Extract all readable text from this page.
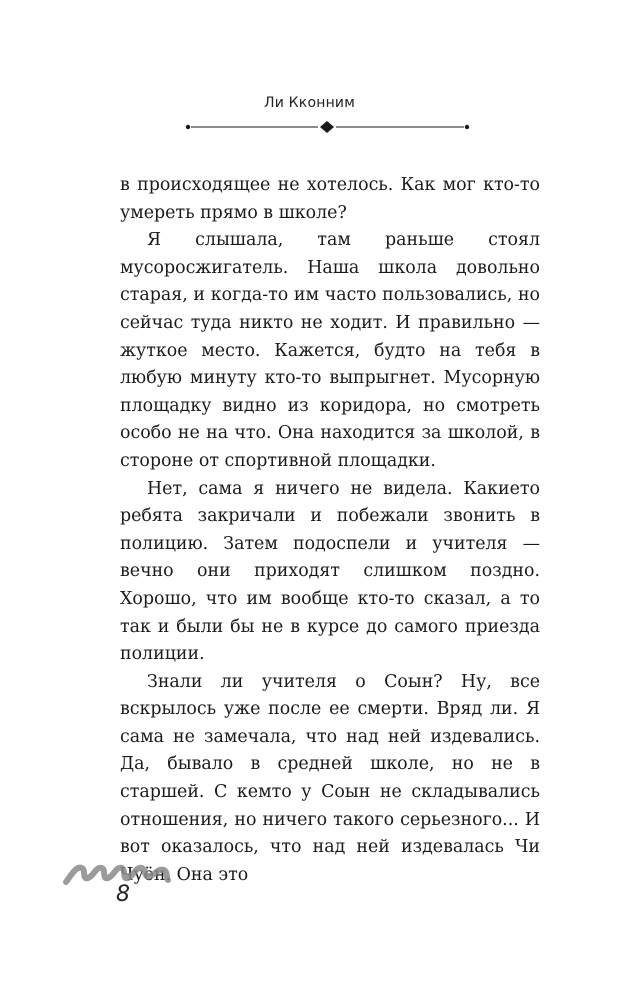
Ли Кконним

в происходящее не хотелось. Как мог кто-то умереть прямо в школе?

Я слышала, там раньше стоял мусоросжигатель. Наша школа довольно старая, и когда-то им часто пользовались, но сейчас туда никто не ходит. И правильно — жуткое место. Кажется, будто на тебя в любую минуту кто-то выпрыгнет. Мусорную площадку видно из коридора, но смотреть особо не на что. Она находится за школой, в стороне от спортивной площадки.

Нет, сама я ничего не видела. Какието ребята закричали и побежали звонить в полицию. Затем подоспели и учителя — вечно они приходят слишком поздно. Хорошо, что им вообще кто-то сказал, а то так и были бы не в курсе до самого приезда полиции.

Знали ли учителя о Соын? Ну, все вскрылось уже после ее смерти. Вряд ли. Я сама не замечала, что над ней издевались. Да, бывало в средней школе, но не в старшей. С кемто у Соын не складывались отношения, но ничего такого серьезного... И вот оказалось, что над ней издевалась Чи Чуён. Она это

8
